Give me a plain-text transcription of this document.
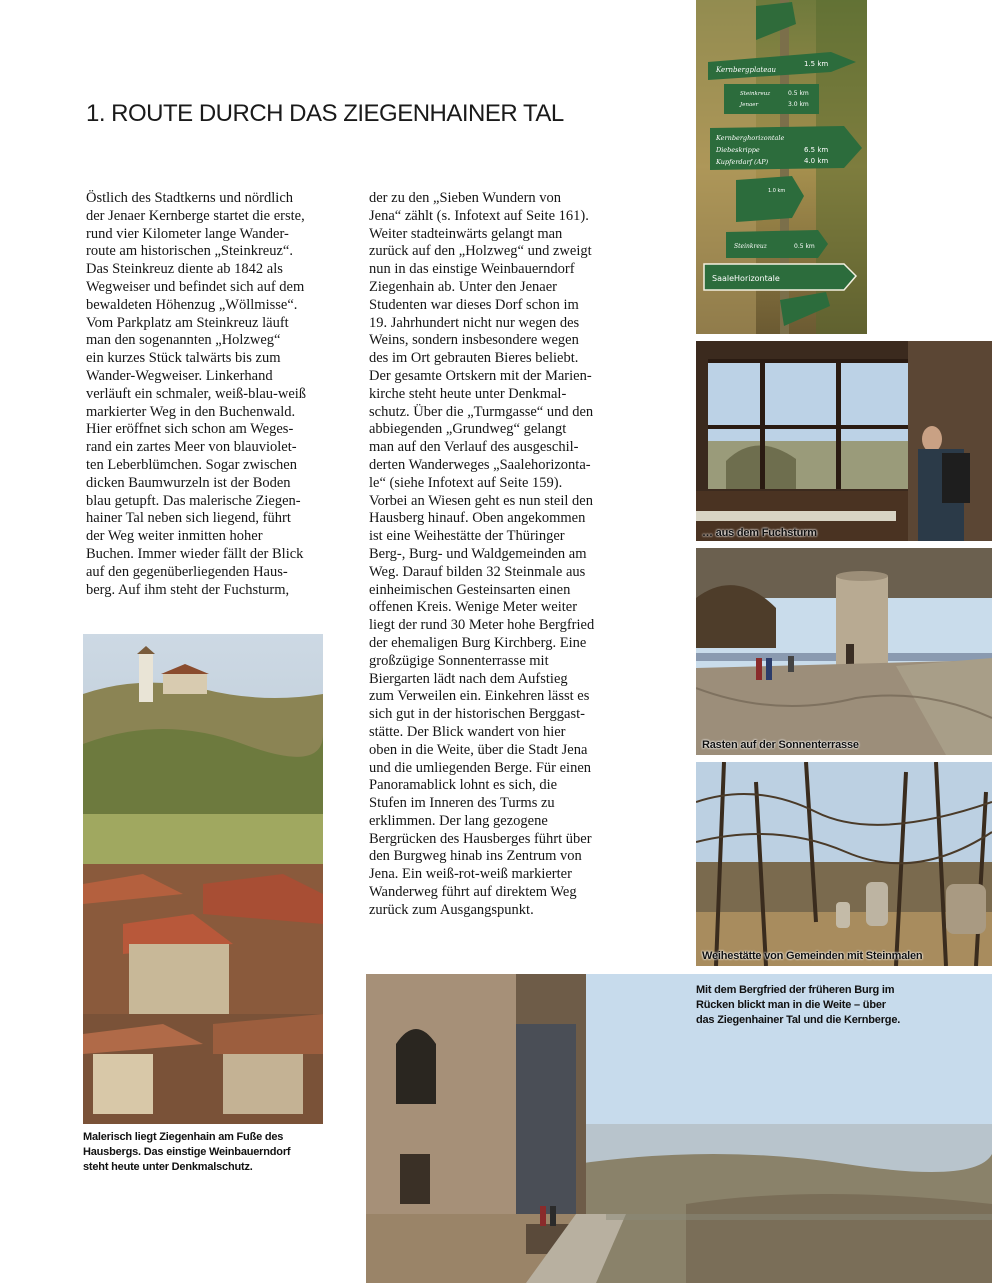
1. ROUTE DURCH DAS ZIEGENHAINER TAL
Östlich des Stadtkerns und nördlich
der Jenaer Kernberge startet die erste,
rund vier Kilometer lange Wander-
route am historischen „Steinkreuz“.
Das Steinkreuz diente ab 1842 als
Wegweiser und befindet sich auf dem
bewaldeten Höhenzug „Wöllmisse“.
Vom Parkplatz am Steinkreuz läuft
man den sogenannten „Holzweg“
ein kurzes Stück talwärts bis zum
Wander-Wegweiser. Linkerhand
verläuft ein schmaler, weiß-blau-weiß
markierter Weg in den Buchenwald.
Hier eröffnet sich schon am Weges-
rand ein zartes Meer von blauviolet-
ten Leberblümchen. Sogar zwischen
dicken Baumwurzeln ist der Boden
blau getupft. Das malerische Ziegen-
hainer Tal neben sich liegend, führt
der Weg weiter inmitten hoher
Buchen. Immer wieder fällt der Blick
auf den gegenüberliegenden Haus-
berg. Auf ihm steht der Fuchsturm,
der zu den „Sieben Wundern von
Jena“ zählt (s. Infotext auf Seite 161).
Weiter stadteinwärts gelangt man
zurück auf den „Holzweg“ und zweigt
nun in das einstige Weinbauerndorf
Ziegenhain ab. Unter den Jenaer
Studenten war dieses Dorf schon im
19. Jahrhundert nicht nur wegen des
Weins, sondern insbesondere wegen
des im Ort gebrauten Bieres beliebt.
Der gesamte Ortskern mit der Marien-
kirche steht heute unter Denkmal-
schutz. Über die „Turmgasse“ und den
abbiegenden „Grundweg“ gelangt
man auf den Verlauf des ausgeschil-
derten Wanderweges „Saalehorizonta-
le“ (siehe Infotext auf Seite 159).
Vorbei an Wiesen geht es nun steil den
Hausberg hinauf. Oben angekommen
ist eine Weihestätte der Thüringer
Berg-, Burg- und Waldgemeinden am
Weg. Darauf bilden 32 Steinmale aus
einheimischen Gesteinsarten einen
offenen Kreis. Wenige Meter weiter
liegt der rund 30 Meter hohe Bergfried
der ehemaligen Burg Kirchberg. Eine
großzügige Sonnenterrasse mit
Biergarten lädt nach dem Aufstieg
zum Verweilen ein. Einkehren lässt es
sich gut in der historischen Berggast-
stätte. Der Blick wandert von hier
oben in die Weite, über die Stadt Jena
und die umliegenden Berge. Für einen
Panoramablick lohnt es sich, die
Stufen im Inneren des Turms zu
erklimmen. Der lang gezogene
Bergrücken des Hausberges führt über
den Burgweg hinab ins Zentrum von
Jena. Ein weiß-rot-weiß markierter
Wanderweg führt auf direktem Weg
zurück zum Ausgangspunkt.
Kernbergplateau
1.5 km
Steinkreuz
Jenaer
0.5 km
3.0 km
Kernberghorizontale
Diebeskrippe
Kupferdarf (AP)
6.5 km
4.0 km
1.0 km
Steinkreuz	0.5 km
SaaleHorizontale
… aus dem Fuchsturm
Rasten auf der Sonnenterrasse
Weihestätte von Gemeinden mit Steinmalen
Malerisch liegt Ziegenhain am Fuße des
Hausbergs. Das einstige Weinbauerndorf
steht heute unter Denkmalschutz.
Mit dem Bergfried der früheren Burg im
Rücken blickt man in die Weite – über
das Ziegenhainer Tal und die Kernberge.
